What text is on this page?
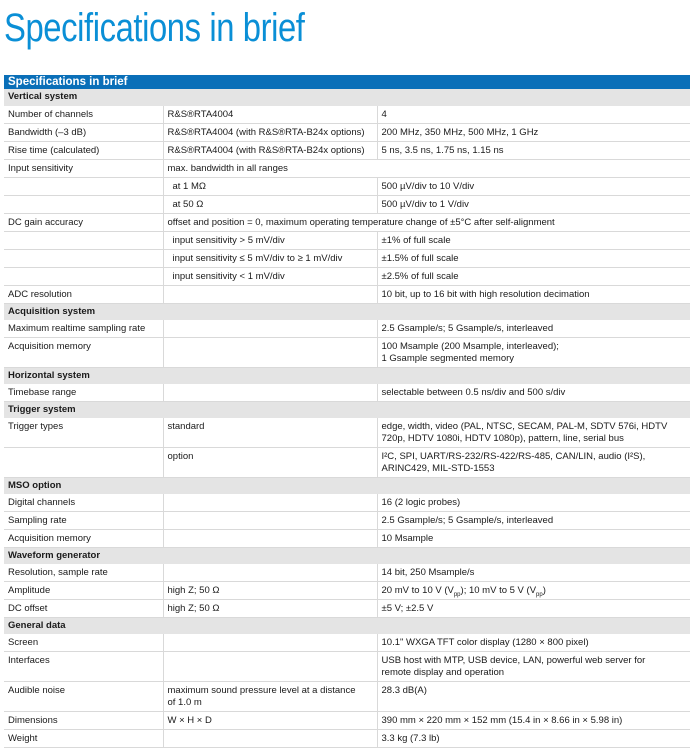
Specifications in brief
Specifications in brief		
Vertical system		
Number of channels	R&S®RTA4004	4
Bandwidth (–3 dB)	R&S®RTA4004 (with R&S®RTA-B24x options)	200 MHz, 350 MHz, 500 MHz, 1 GHz
Rise time (calculated)	R&S®RTA4004 (with R&S®RTA-B24x options)	5 ns, 3.5 ns, 1.75 ns, 1.15 ns
Input sensitivity	max. bandwidth in all ranges	
	at 1 MΩ	500 µV/div to 10 V/div
	at 50 Ω	500 µV/div to 1 V/div
DC gain accuracy	offset and position = 0, maximum operating temperature change of ±5°C after self-alignment	
	input sensitivity > 5 mV/div	±1% of full scale
	input sensitivity ≤ 5 mV/div to ≥ 1 mV/div	±1.5% of full scale
	input sensitivity < 1 mV/div	±2.5% of full scale
ADC resolution		10 bit, up to 16 bit with high resolution decimation
Acquisition system		
Maximum realtime sampling rate		2.5 Gsample/s; 5 Gsample/s, interleaved
Acquisition memory		100 Msample (200 Msample, interleaved);
1 Gsample segmented memory

Horizontal system		
Timebase range		selectable between 0.5 ns/div and 500 s/div
Trigger system		
Trigger types	standard	edge, width, video (PAL, NTSC, SECAM, PAL-M, SDTV 576i, HDTV
720p, HDTV 1080i, HDTV 1080p), pattern, line, serial bus

	option	I²C, SPI, UART/RS-232/RS-422/RS-485, CAN/LIN, audio (I²S),
ARINC429, MIL-STD-1553

MSO option		
Digital channels		16 (2 logic probes)
Sampling rate		2.5 Gsample/s; 5 Gsample/s, interleaved
Acquisition memory		10 Msample
Waveform generator		
Resolution, sample rate		14 bit, 250 Msample/s
Amplitude	high Z; 50 Ω	20 mV to 10 V $(V_{pp})$; 10 mV to 5 V $(V_{pp})$
DC offset	high Z; 50 Ω	±5 V; ±2.5 V
General data		
Screen		10.1" WXGA TFT color display (1280 × 800 pixel)
Interfaces		USB host with MTP, USB device, LAN, powerful web server for
remote display and operation

Audible noise	maximum sound pressure level at a distance
of 1.0 m	28.3 dB(A)
Dimensions	W × H × D	390 mm × 220 mm × 152 mm (15.4 in × 8.66 in × 5.98 in)
Weight		3.3 kg (7.3 lb)
